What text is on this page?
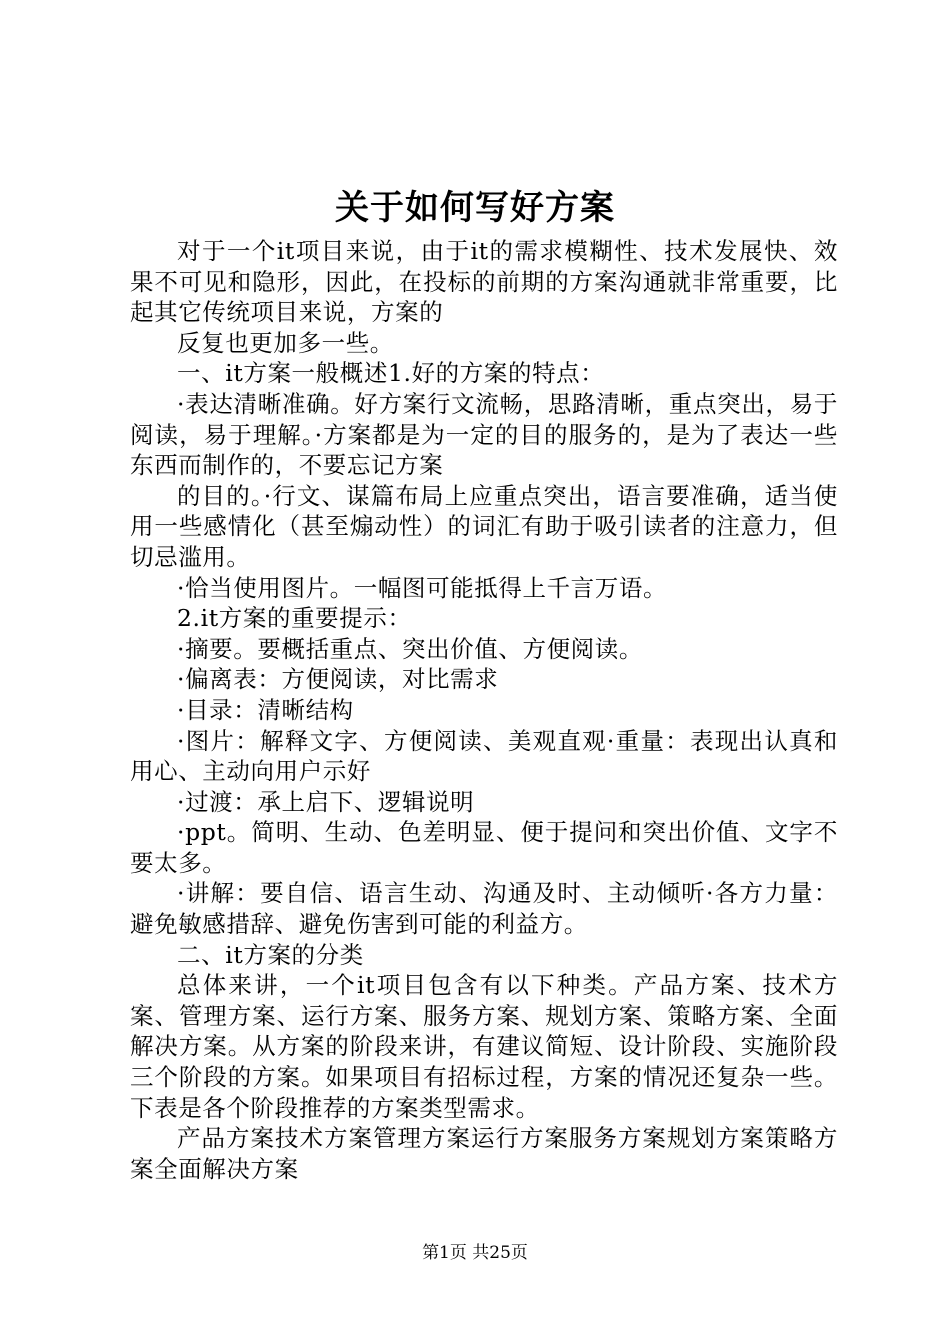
关于如何写好方案

对于一个it项目来说，由于it的需求模糊性、技术发展快、效果不可见和隐形，因此，在投标的前期的方案沟通就非常重要，比起其它传统项目来说，方案的

反复也更加多一些。

一、it方案一般概述1.好的方案的特点：

·表达清晰准确。好方案行文流畅，思路清晰，重点突出，易于阅读，易于理解。·方案都是为一定的目的服务的，是为了表达一些东西而制作的，不要忘记方案

的目的。·行文、谋篇布局上应重点突出，语言要准确，适当使用一些感情化（甚至煽动性）的词汇有助于吸引读者的注意力，但切忌滥用。

·恰当使用图片。一幅图可能抵得上千言万语。

2.it方案的重要提示：

·摘要。要概括重点、突出价值、方便阅读。

·偏离表：方便阅读，对比需求

·目录：清晰结构

·图片：解释文字、方便阅读、美观直观·重量：表现出认真和用心、主动向用户示好

·过渡：承上启下、逻辑说明

·ppt。简明、生动、色差明显、便于提问和突出价值、文字不要太多。

·讲解：要自信、语言生动、沟通及时、主动倾听·各方力量：避免敏感措辞、避免伤害到可能的利益方。

二、it方案的分类

总体来讲，一个it项目包含有以下种类。产品方案、技术方案、管理方案、运行方案、服务方案、规划方案、策略方案、全面解决方案。从方案的阶段来讲，有建议简短、设计阶段、实施阶段三个阶段的方案。如果项目有招标过程，方案的情况还复杂一些。下表是各个阶段推荐的方案类型需求。

产品方案技术方案管理方案运行方案服务方案规划方案策略方案全面解决方案

第1页 共25页
